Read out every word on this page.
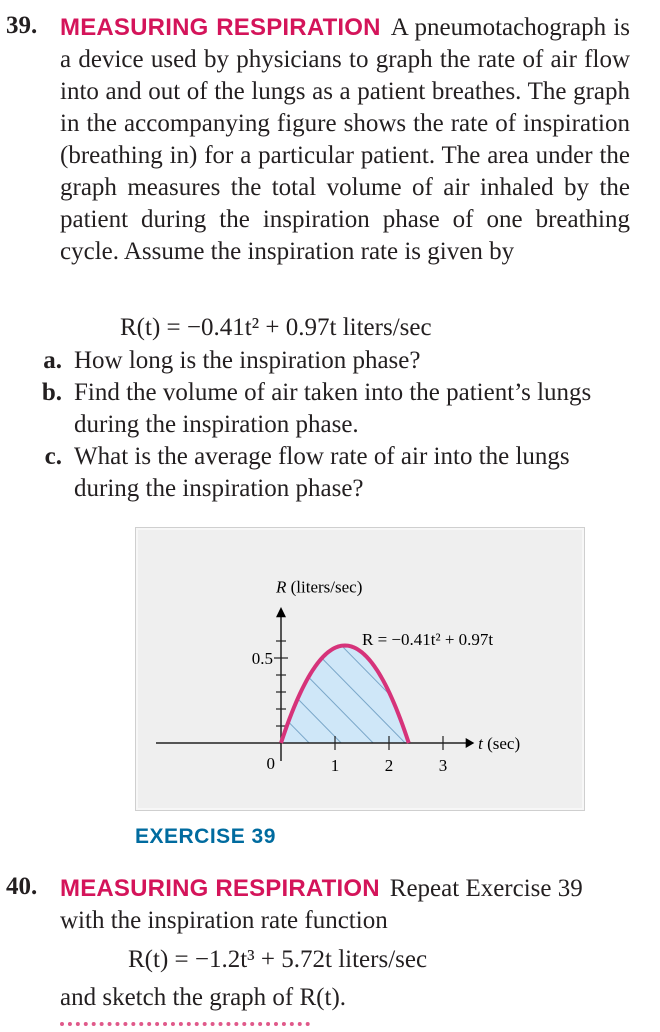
39. MEASURING RESPIRATION A pneumotachograph is a device used by physicians to graph the rate of air flow into and out of the lungs as a patient breathes. The graph in the accompanying figure shows the rate of inspiration (breathing in) for a particular patient. The area under the graph measures the total volume of air inhaled by the patient during the inspiration phase of one breathing cycle. Assume the inspiration rate is given by
R(t) = −0.41t² + 0.97t liters/sec
a. How long is the inspiration phase?
b. Find the volume of air taken into the patient’s lungs during the inspiration phase.
c. What is the average flow rate of air into the lungs during the inspiration phase?
R (liters/sec)
t (sec)
R = −0.41t² + 0.97t
0.5
0	1	2	3
EXERCISE 39
40. MEASURING RESPIRATION Repeat Exercise 39 with the inspiration rate function
R(t) = −1.2t³ + 5.72t liters/sec
and sketch the graph of R(t).
